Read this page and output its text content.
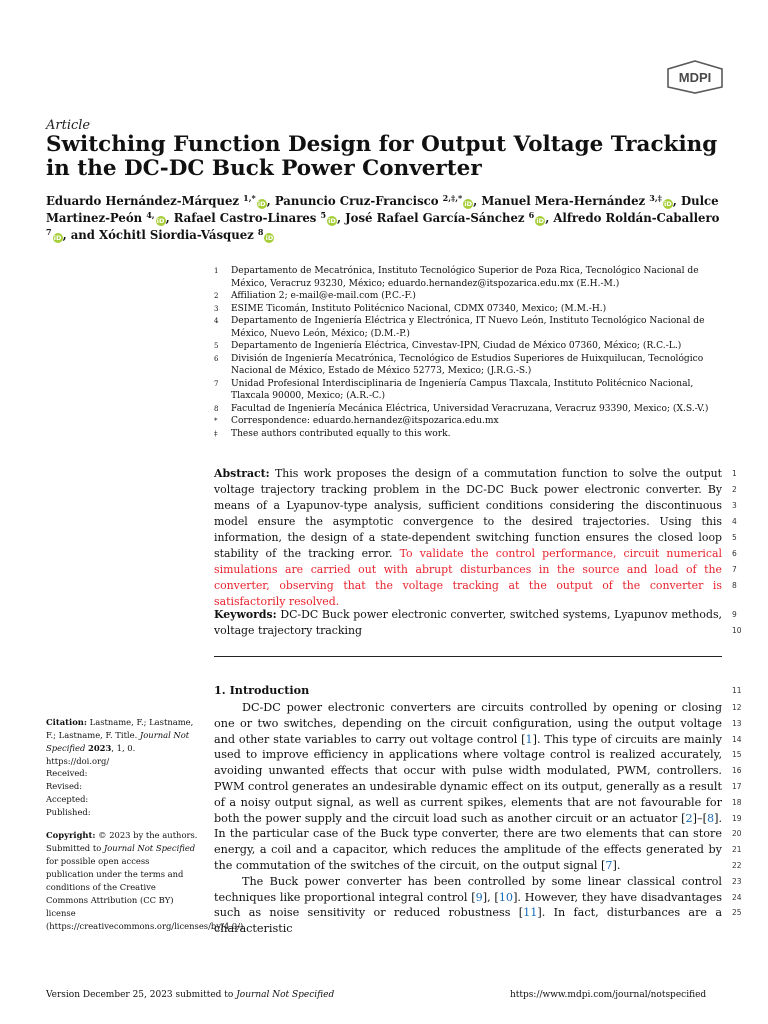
MDPI
Article
Switching Function Design for Output Voltage Tracking in the DC-DC Buck Power Converter
Eduardo Hernández-Márquez $^{1,*}$iD, Panuncio Cruz-Francisco $^{2,\ddagger,*}$iD, Manuel Mera-Hernández $^{3,\ddagger}$iD, Dulce Martinez-Peón $^{4,}$iD, Rafael Castro-Linares $^5$iD, José Rafael García-Sánchez $^6$iD, Alfredo Roldán-Caballero $^7$iD, and Xóchitl Siordia-Vásquez $^8$iD
1	Departamento de Mecatrónica, Instituto Tecnológico Superior de Poza Rica, Tecnológico Nacional de México, Veracruz 93230, México; eduardo.hernandez@itspozarica.edu.mx (E.H.-M.)
2	Affiliation 2; e-mail@e-mail.com (P.C.-F.)
3	ESIME Ticomán, Instituto Politécnico Nacional, CDMX 07340, Mexico; (M.M.-H.)
4	Departamento de Ingeniería Eléctrica y Electrónica, IT Nuevo León, Instituto Tecnológico Nacional de México, Nuevo León, México; (D.M.-P.)
5	Departamento de Ingeniería Eléctrica, Cinvestav-IPN, Ciudad de México 07360, México; (R.C.-L.)
6	División de Ingeniería Mecatrónica, Tecnológico de Estudios Superiores de Huixquilucan, Tecnológico Nacional de México, Estado de México 52773, Mexico; (J.R.G.-S.)
7	Unidad Profesional Interdisciplinaria de Ingeniería Campus Tlaxcala, Instituto Politécnico Nacional, Tlaxcala 90000, Mexico; (A.R.-C.)
8	Facultad de Ingeniería Mecánica Eléctrica, Universidad Veracruzana, Veracruz 93390, Mexico; (X.S.-V.)
*	Correspondence: eduardo.hernandez@itspozarica.edu.mx
‡	These authors contributed equally to this work.
Abstract: This work proposes the design of a commutation function to solve the output voltage trajectory tracking problem in the DC-DC Buck power electronic converter. By means of a Lyapunov-type analysis, sufficient conditions considering the discontinuous model ensure the asymptotic convergence to the desired trajectories. Using this information, the design of a state-dependent switching function ensures the closed loop stability of the tracking error. To validate the control performance, circuit numerical simulations are carried out with abrupt disturbances in the source and load of the converter, observing that the voltage tracking at the output of the converter is satisfactorily resolved.
1
2
3
4
5
6
7
8
Keywords: DC-DC Buck power electronic converter, switched systems, Lyapunov methods, voltage trajectory tracking
9
10
1. Introduction	11

DC-DC power electronic converters are circuits controlled by opening or closing one or two switches, depending on the circuit configuration, using the output voltage and other state variables to carry out voltage control [1]. This type of circuits are mainly used to improve efficiency in applications where voltage control is realized accurately, avoiding unwanted effects that occur with pulse width modulated, PWM, controllers. PWM control generates an undesirable dynamic effect on its output, generally as a result of a noisy output signal, as well as current spikes, elements that are not favourable for both the power supply and the circuit load such as another circuit or an actuator [2]–[8]. In the particular case of the Buck type converter, there are two elements that can store energy, a coil and a capacitor, which reduces the amplitude of the effects generated by the commutation of the switches of the circuit, on the output signal [7].

The Buck power converter has been controlled by some linear classical control techniques like proportional integral control [9], [10]. However, they have disadvantages such as noise sensitivity or reduced robustness [11]. In fact, disturbances are a characteristic

12
13
14
15
16
17
18
19
20
21
22
23
24
25
Citation: Lastname, F.; Lastname, F.; Lastname, F. Title. Journal Not Specified 2023, 1, 0. https://doi.org/
Received:
Revised:
Accepted:
Published:
Copyright: © 2023 by the authors. Submitted to Journal Not Specified for possible open access publication under the terms and conditions of the Creative Commons Attribution (CC BY) license (https://creativecommons.org/licenses/by/4.0/).
Version December 25, 2023 submitted to Journal Not Specified	https://www.mdpi.com/journal/notspecified
